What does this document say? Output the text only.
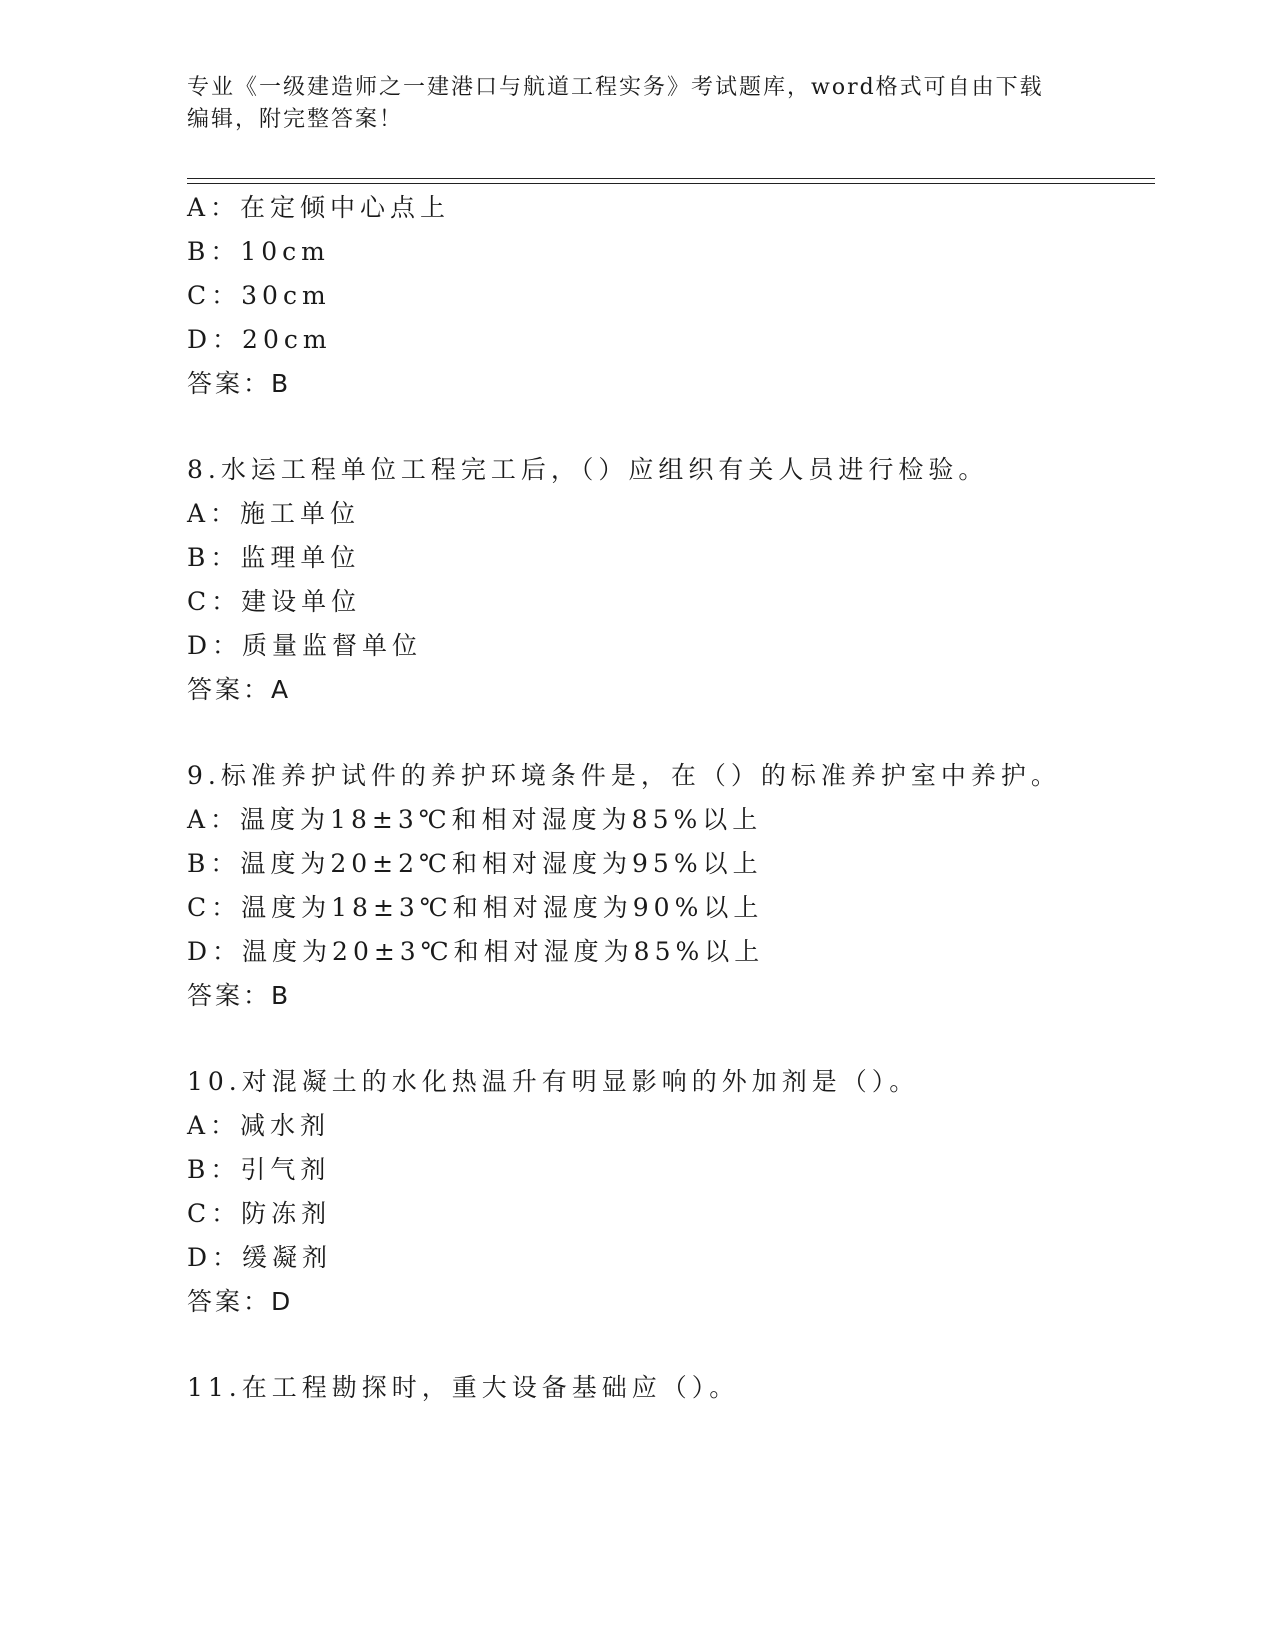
专业《一级建造师之一建港口与航道工程实务》考试题库，word格式可自由下载
编辑，附完整答案！
A：在定倾中心点上
B：10cm
C：30cm
D：20cm
答案：B
8.水运工程单位工程完工后，（）应组织有关人员进行检验。
A：施工单位
B：监理单位
C：建设单位
D：质量监督单位
答案：A
9.标准养护试件的养护环境条件是，在（）的标准养护室中养护。
A：温度为18±3℃和相对湿度为85%以上
B：温度为20±2℃和相对湿度为95%以上
C：温度为18±3℃和相对湿度为90%以上
D：温度为20±3℃和相对湿度为85%以上
答案：B
10.对混凝土的水化热温升有明显影响的外加剂是（）。
A：减水剂
B：引气剂
C：防冻剂
D：缓凝剂
答案：D
11.在工程勘探时，重大设备基础应（）。
